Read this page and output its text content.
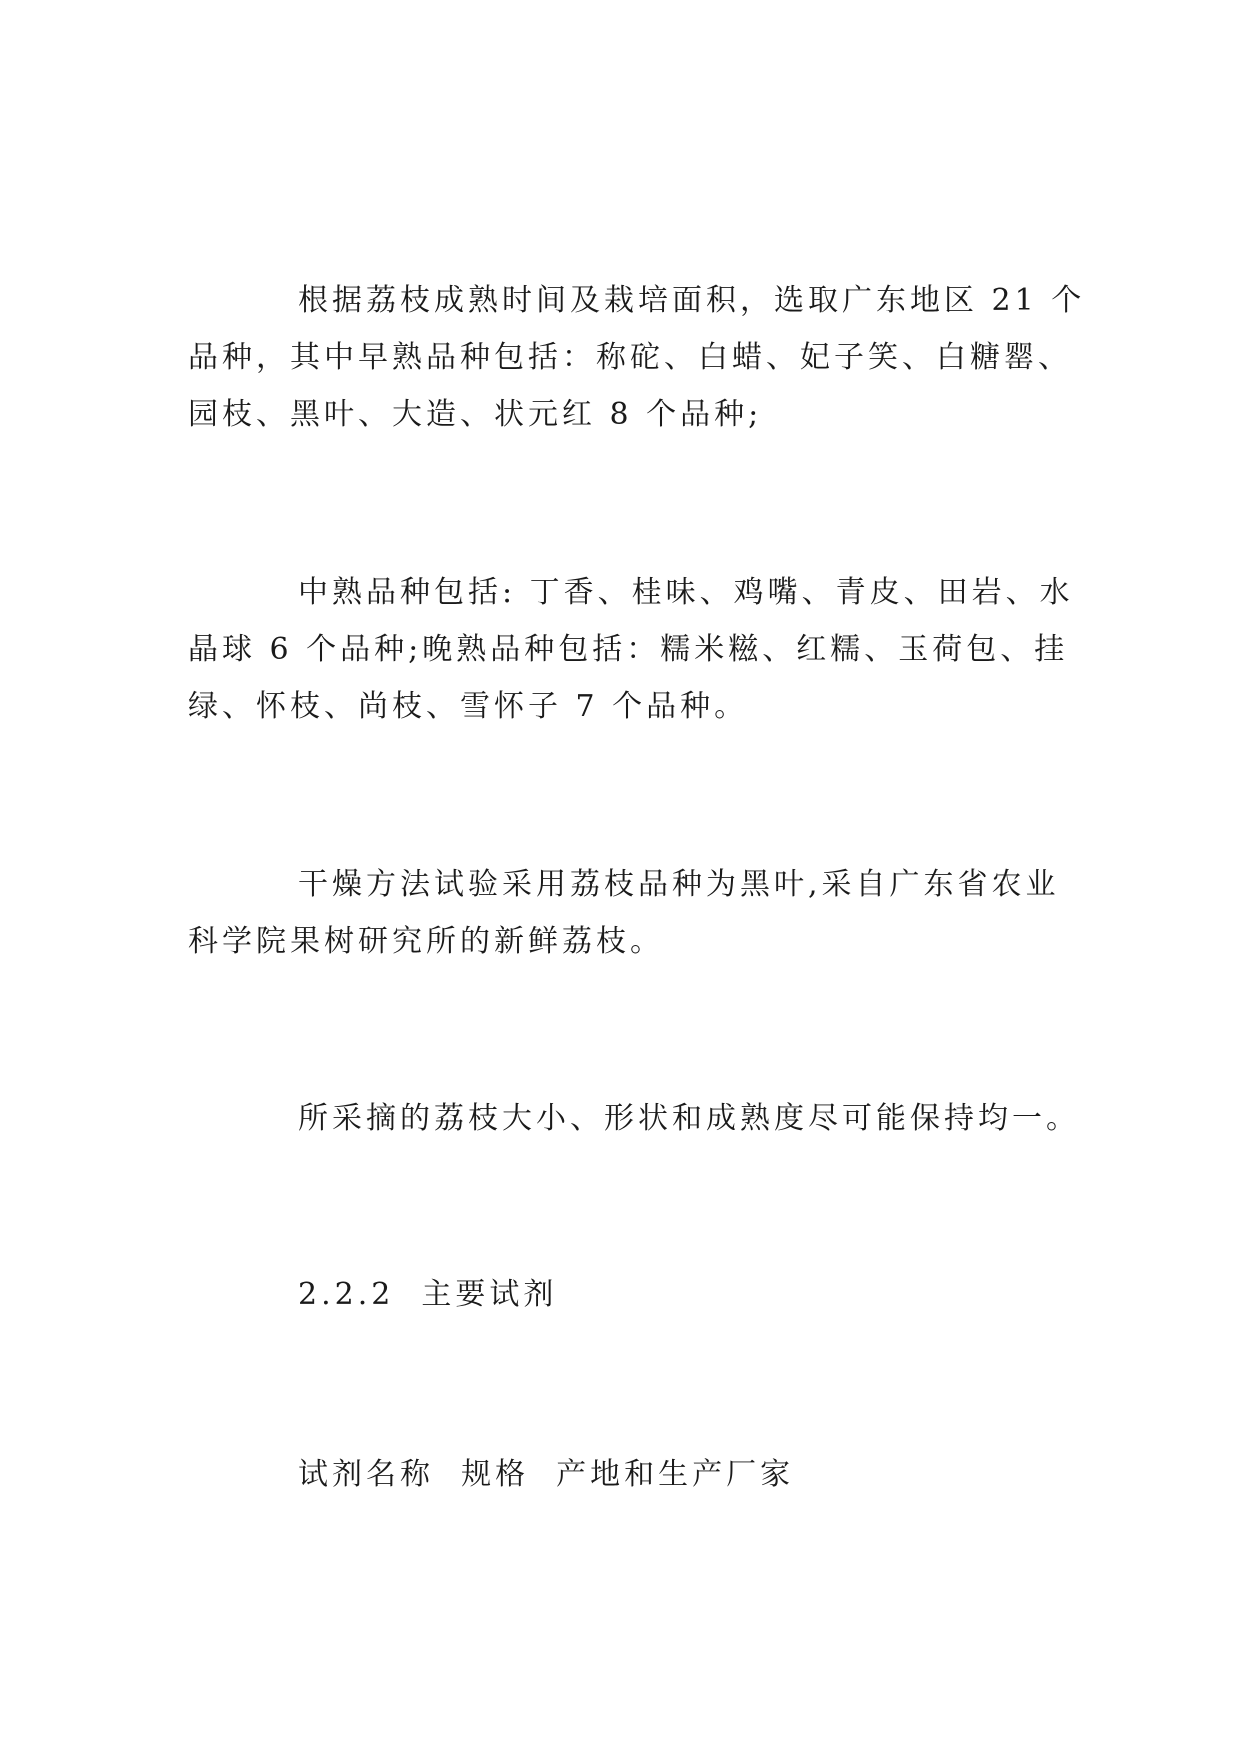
根据荔枝成熟时间及栽培面积，选取广东地区 21 个
品种，其中早熟品种包括：称砣、白蜡、妃子笑、白糖罂、
园枝、黑叶、大造、状元红 8 个品种;

中熟品种包括: 丁香、桂味、鸡嘴、青皮、田岩、水
晶球 6 个品种;晚熟品种包括：糯米糍、红糯、玉荷包、挂
绿、怀枝、尚枝、雪怀子 7 个品种。

干燥方法试验采用荔枝品种为黑叶,采自广东省农业
科学院果树研究所的新鲜荔枝。

所采摘的荔枝大小、形状和成熟度尽可能保持均一。

2.2.2  主要试剂

试剂名称  规格  产地和生产厂家
